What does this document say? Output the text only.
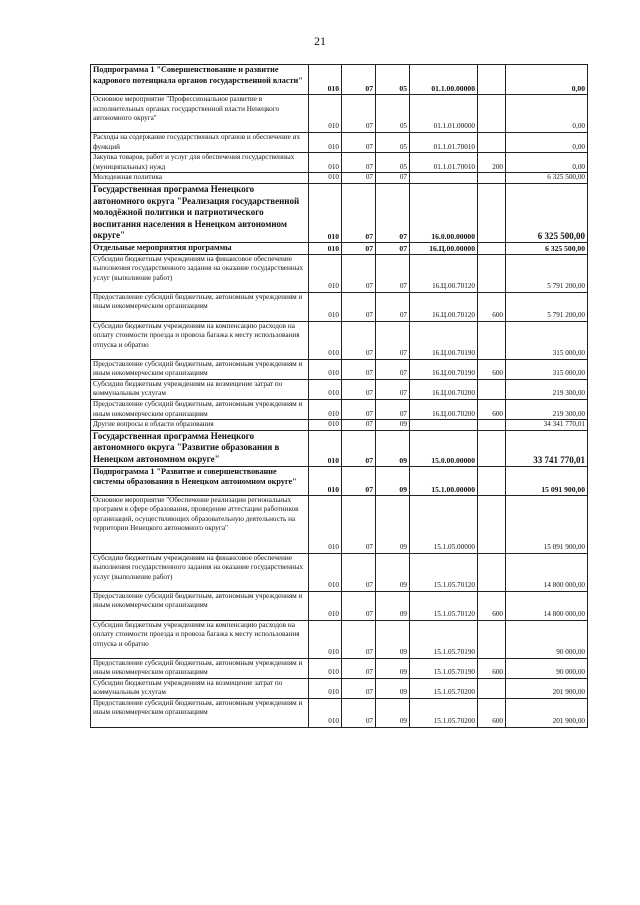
21
Подпрограмма 1 "Совершенствование и развитие кадрового потенциала органов государственной власти"	010	07	05	01.1.00.00000		0,00
Основное мероприятие "Профессиональное развитие в исполнительных органах государственной власти Ненецкого автономного округа"	010	07	05	01.1.01.00000		0,00
Расходы на содержание государственных органов и обеспечение их функций	010	07	05	01.1.01.70010		0,00
Закупка товаров, работ и услуг для обеспечения государственных (муниципальных) нужд	010	07	05	01.1.01.70010	200	0,00
Молодежная политика	010	07	07			6 325 500,00
Государственная программа Ненецкого автономного округа "Реализация государственной молодёжной политики и патриотического воспитания населения в Ненецком автономном округе"	010	07	07	16.0.00.00000		6 325 500,00
Отдельные мероприятия программы	010	07	07	16.Ц.00.00000		6 325 500,00
Субсидии бюджетным учреждениям на финансовое обеспечение выполнения государственного задания на оказание государственных услуг (выполнение работ)	010	07	07	16.Ц.00.70120		5 791 200,00
Предоставление субсидий бюджетным, автономным учреждениям и иным некоммерческим организациям	010	07	07	16.Ц.00.70120	600	5 791 200,00
Субсидии бюджетным учреждениям на компенсацию расходов на оплату стоимости проезда и провоза багажа к месту использования отпуска и обратно	010	07	07	16.Ц.00.70190		315 000,00
Предоставление субсидий бюджетным, автономным учреждениям и иным некоммерческим организациям	010	07	07	16.Ц.00.70190	600	315 000,00
Субсидии бюджетным учреждениям на возмещение затрат по коммунальным услугам	010	07	07	16.Ц.00.70200		219 300,00
Предоставление субсидий бюджетным, автономным учреждениям и иным некоммерческим организациям	010	07	07	16.Ц.00.70200	600	219 300,00
Другие вопросы в области образования	010	07	09			34 341 770,01
Государственная программа Ненецкого автономного округа "Развитие образования в Ненецком автономном округе"	010	07	09	15.0.00.00000		33 741 770,01
Подпрограмма 1 "Развитие и совершенствование системы образования в Ненецком автономном округе"	010	07	09	15.1.00.00000		15 091 900,00
Основное мероприятие "Обеспечение реализации региональных программ в сфере образования, проведение аттестации работников организаций, осуществляющих образовательную деятельность на территории Ненецкого автономного округа"	010	07	09	15.1.05.00000		15 091 900,00
Субсидии бюджетным учреждениям на финансовое обеспечение выполнения государственного задания на оказание государственных услуг (выполнение работ)	010	07	09	15.1.05.70120		14 800 000,00
Предоставление субсидий бюджетным, автономным учреждениям и иным некоммерческим организациям	010	07	09	15.1.05.70120	600	14 800 000,00
Субсидии бюджетным учреждениям на компенсацию расходов на оплату стоимости проезда и провоза багажа к месту использования отпуска и обратно	010	07	09	15.1.05.70190		90 000,00
Предоставление субсидий бюджетным, автономным учреждениям и иным некоммерческим организациям	010	07	09	15.1.05.70190	600	90 000,00
Субсидии бюджетным учреждениям на возмещение затрат по коммунальным услугам	010	07	09	15.1.05.70200		201 900,00
Предоставление субсидий бюджетным, автономным учреждениям и иным некоммерческим организациям	010	07	09	15.1.05.70200	600	201 900,00
